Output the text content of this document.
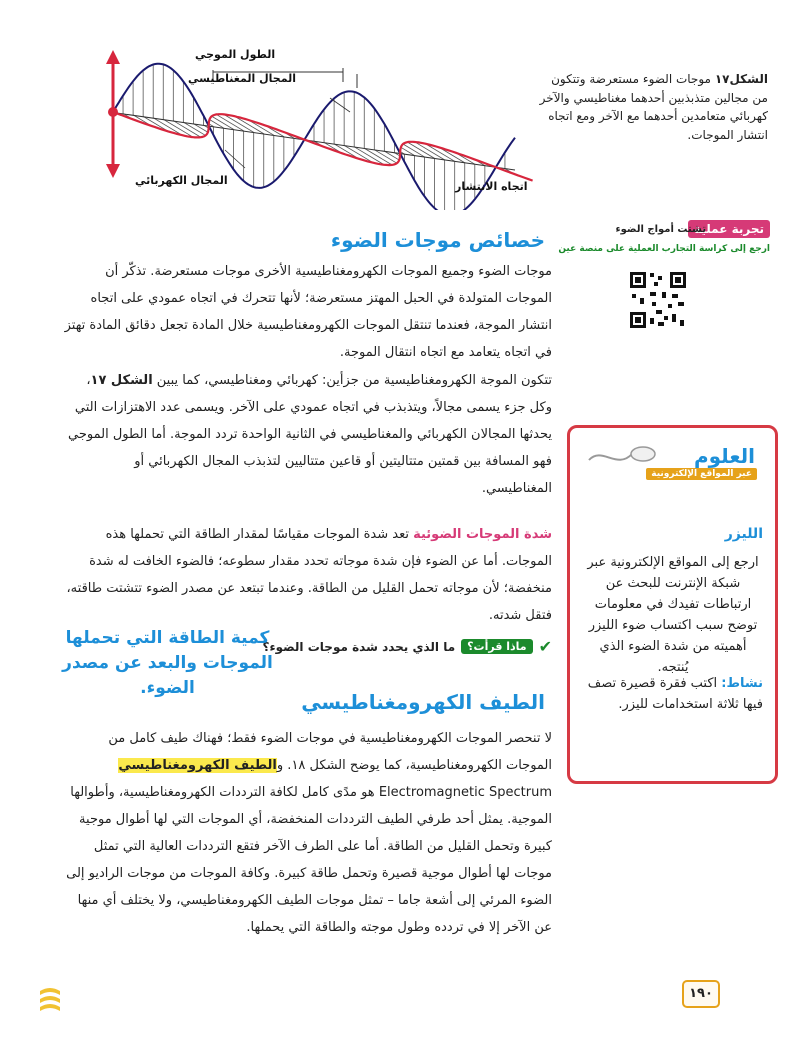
الطول الموجي
المجال المغناطيسي
المجال الكهربائي	اتجاه الانتشار
الشكل١٧ موجات الضوء مستعرضة وتتكون من مجالين متذبذبين أحدهما مغناطيسي والآخر كهربائي متعامدين أحدهما مع الآخر ومع اتجاه انتشار الموجات.
تجربة عملية
تشتت أمواج الضوء
ارجع إلى كراسة التجارب العملية على منصة عين
خصائص موجات الضوء
موجات الضوء وجميع الموجات الكهرومغناطيسية الأخرى موجات مستعرضة. تذكّر أن الموجات المتولدة في الحبل المهتز مستعرضة؛ لأنها تتحرك في اتجاه عمودي على اتجاه انتشار الموجة، فعندما تنتقل الموجات الكهرومغناطيسية خلال المادة تجعل دقائق المادة تهتز في اتجاه يتعامد مع اتجاه انتقال الموجة.
تتكون الموجة الكهرومغناطيسية من جزأين: كهربائي ومغناطيسي، كما يبين الشكل ١٧، وكل جزء يسمى مجالاً، ويتذبذب في اتجاه عمودي على الآخر. ويسمى عدد الاهتزازات التي يحدثها المجالان الكهربائي والمغناطيسي في الثانية الواحدة تردد الموجة. أما الطول الموجي فهو المسافة بين قمتين متتاليتين أو قاعين متتاليين لتذبذب المجال الكهربائي أو المغناطيسي.
شدة الموجات الضوئية تعد شدة الموجات مقياسًا لمقدار الطاقة التي تحملها هذه الموجات. أما عن الضوء فإن شدة موجاته تحدد مقدار سطوعه؛ فالضوء الخافت له شدة منخفضة؛ لأن موجاته تحمل القليل من الطاقة. وعندما تبتعد عن مصدر الضوء تتشتت طاقته، فتقل شدته.
✔
ماذا قرأت؟
ما الذي يحدد شدة موجات الضوء؟
كمية الطاقة التي تحملها الموجات والبعد عن مصدر الضوء.
الطيف الكهرومغناطيسي
لا تنحصر الموجات الكهرومغناطيسية في موجات الضوء فقط؛ فهناك طيف كامل من الموجات الكهرومغناطيسية، كما يوضح الشكل ١٨. والطيف الكهرومغناطيسي Electromagnetic Spectrum هو مدًى كامل لكافة الترددات الكهرومغناطيسية، وأطوالها الموجية. يمثل أحد طرفي الطيف الترددات المنخفضة، أي الموجات التي لها أطوال موجية كبيرة وتحمل القليل من الطاقة. أما على الطرف الآخر فتقع الترددات العالية التي تمثل موجات لها أطوال موجية قصيرة وتحمل طاقة كبيرة. وكافة الموجات من موجات الراديو إلى الضوء المرئي إلى أشعة جاما – تمثل موجات الطيف الكهرومغناطيسي، ولا يختلف أي منها عن الآخر إلا في تردده وطول موجته والطاقة التي يحملها.
العلوم
عبر المواقع الإلكترونية
الليزر
ارجع إلى المواقع الإلكترونية عبر شبكة الإنترنت للبحث عن ارتباطات تفيدك في معلومات توضح سبب اكتساب ضوء الليزر أهميته من شدة الضوء الذي يُنتجه.
نشاط: اكتب فقرة قصيرة تصف فيها ثلاثة استخدامات لليزر.
١٩٠
